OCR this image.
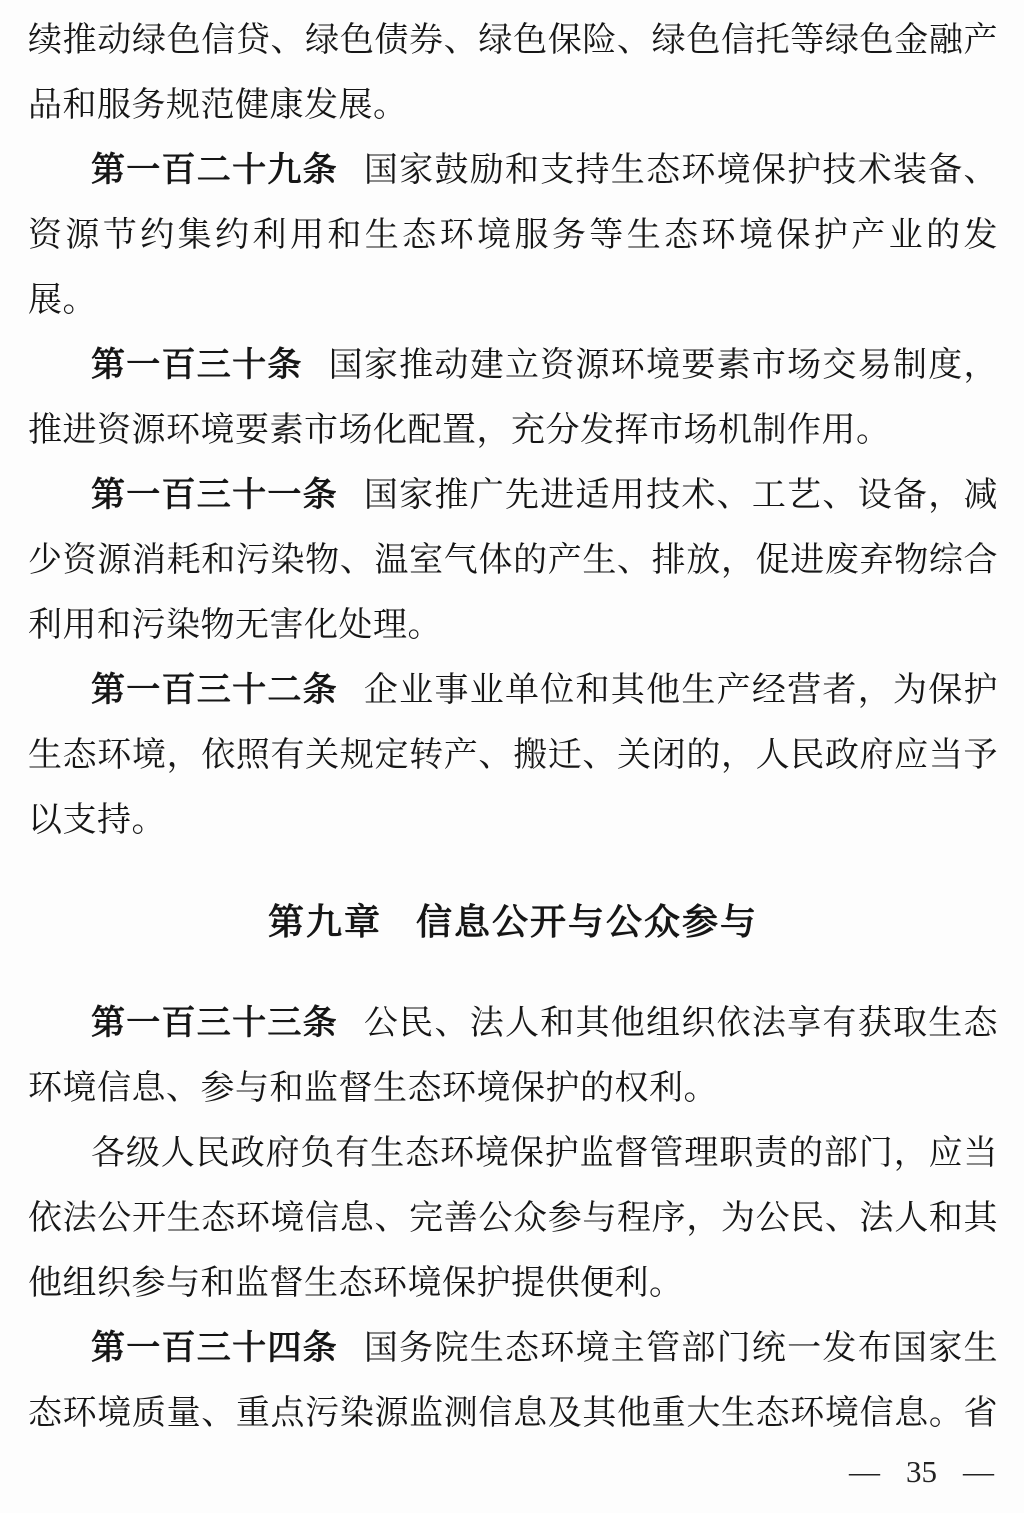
续推动绿色信贷、绿色债券、绿色保险、绿色信托等绿色金融产
品和服务规范健康发展。
第一百二十九条 国家鼓励和支持生态环境保护技术装备、
资源节约集约利用和生态环境服务等生态环境保护产业的发
展。
第一百三十条 国家推动建立资源环境要素市场交易制度，
推进资源环境要素市场化配置，充分发挥市场机制作用。
第一百三十一条 国家推广先进适用技术、工艺、设备，减
少资源消耗和污染物、温室气体的产生、排放，促进废弃物综合
利用和污染物无害化处理。
第一百三十二条 企业事业单位和其他生产经营者，为保护
生态环境，依照有关规定转产、搬迁、关闭的，人民政府应当予
以支持。
第九章 信息公开与公众参与
第一百三十三条 公民、法人和其他组织依法享有获取生态
环境信息、参与和监督生态环境保护的权利。
各级人民政府负有生态环境保护监督管理职责的部门，应当
依法公开生态环境信息、完善公众参与程序，为公民、法人和其
他组织参与和监督生态环境保护提供便利。
第一百三十四条 国务院生态环境主管部门统一发布国家生
态环境质量、重点污染源监测信息及其他重大生态环境信息。省
— 35 —
